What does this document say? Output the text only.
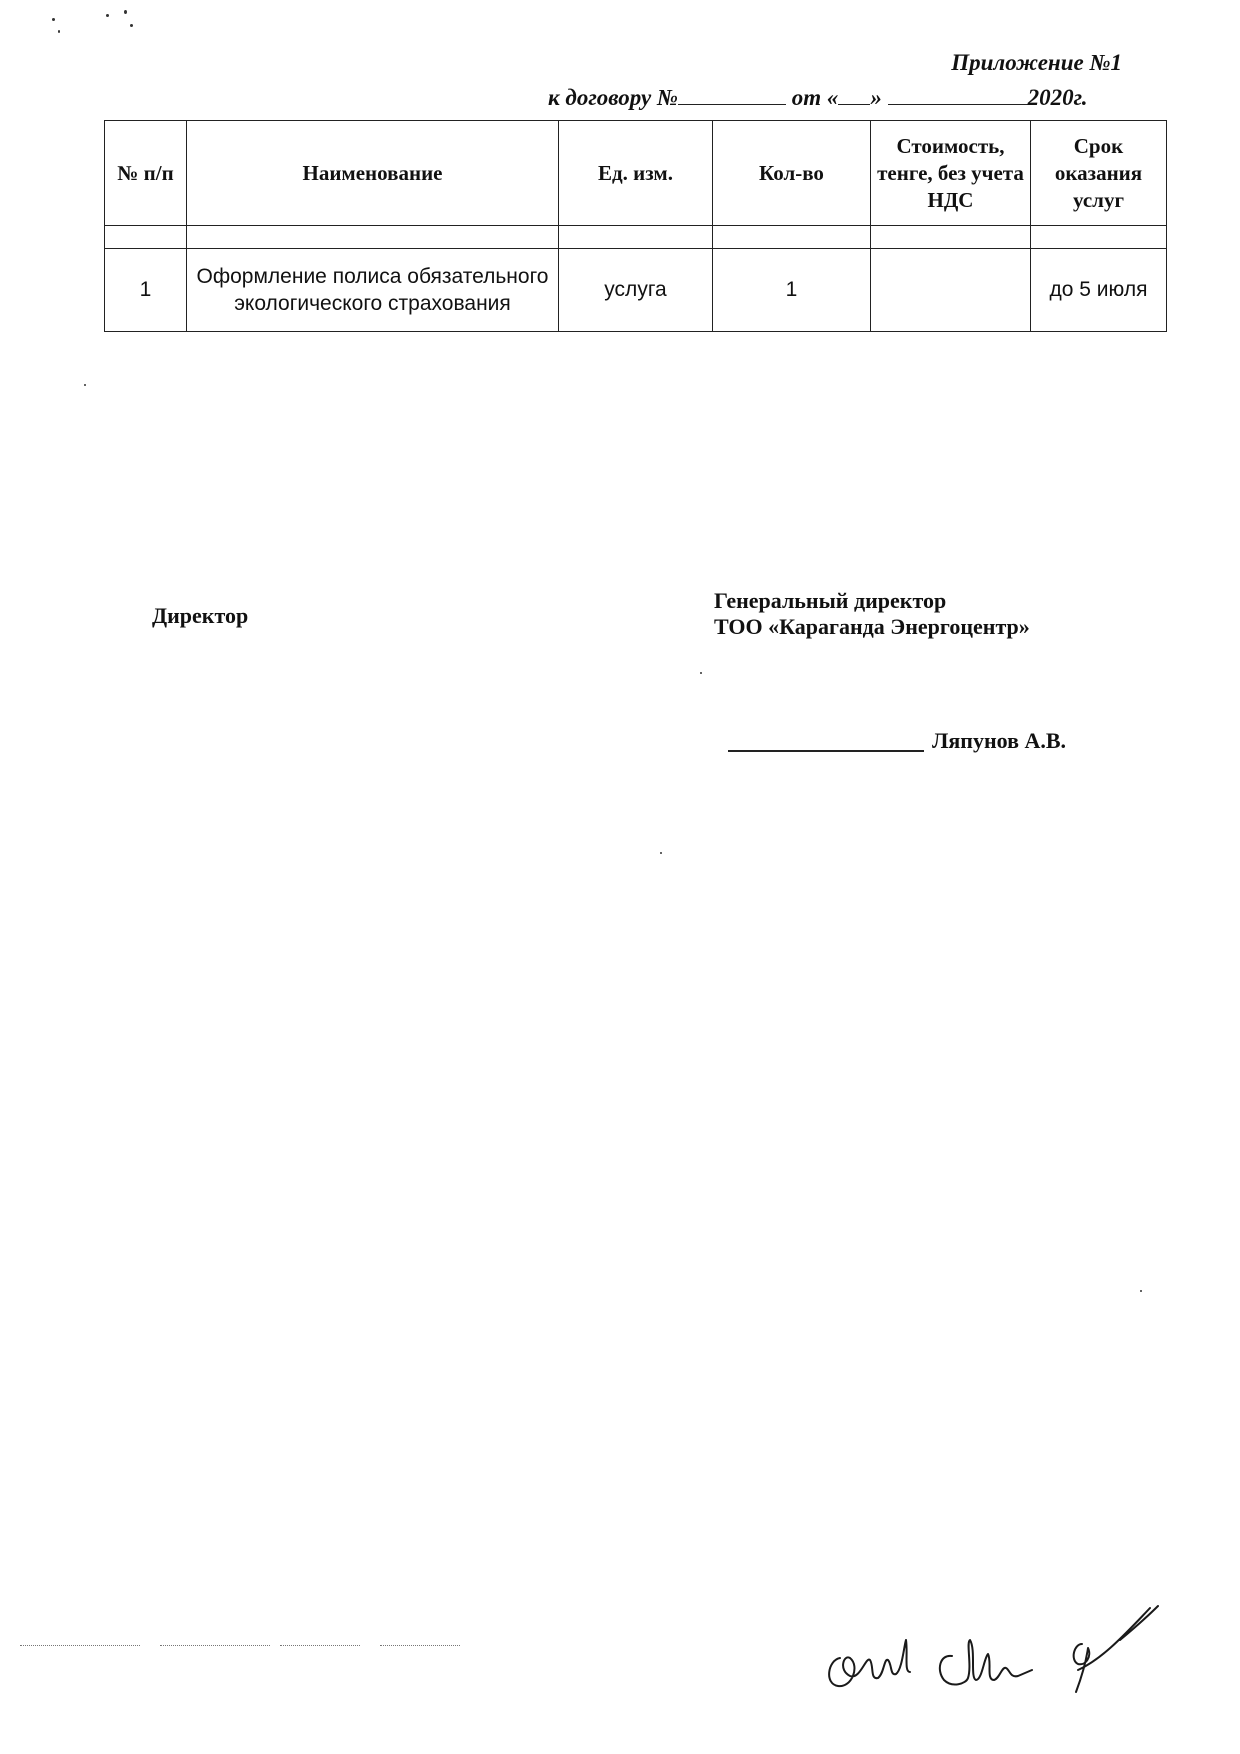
Приложение №1
к договору №	от « »	2020г.
№ п/п	Наименование	Ед. изм.	Кол-во	Стоимость, тенге, без учета НДС	Срок оказания услуг

1	Оформление полиса обязательного экологического страхования	услуга	1		до 5 июля
Директор
Генеральный директор
ТОО «Караганда Энергоцентр»
Ляпунов А.В.
